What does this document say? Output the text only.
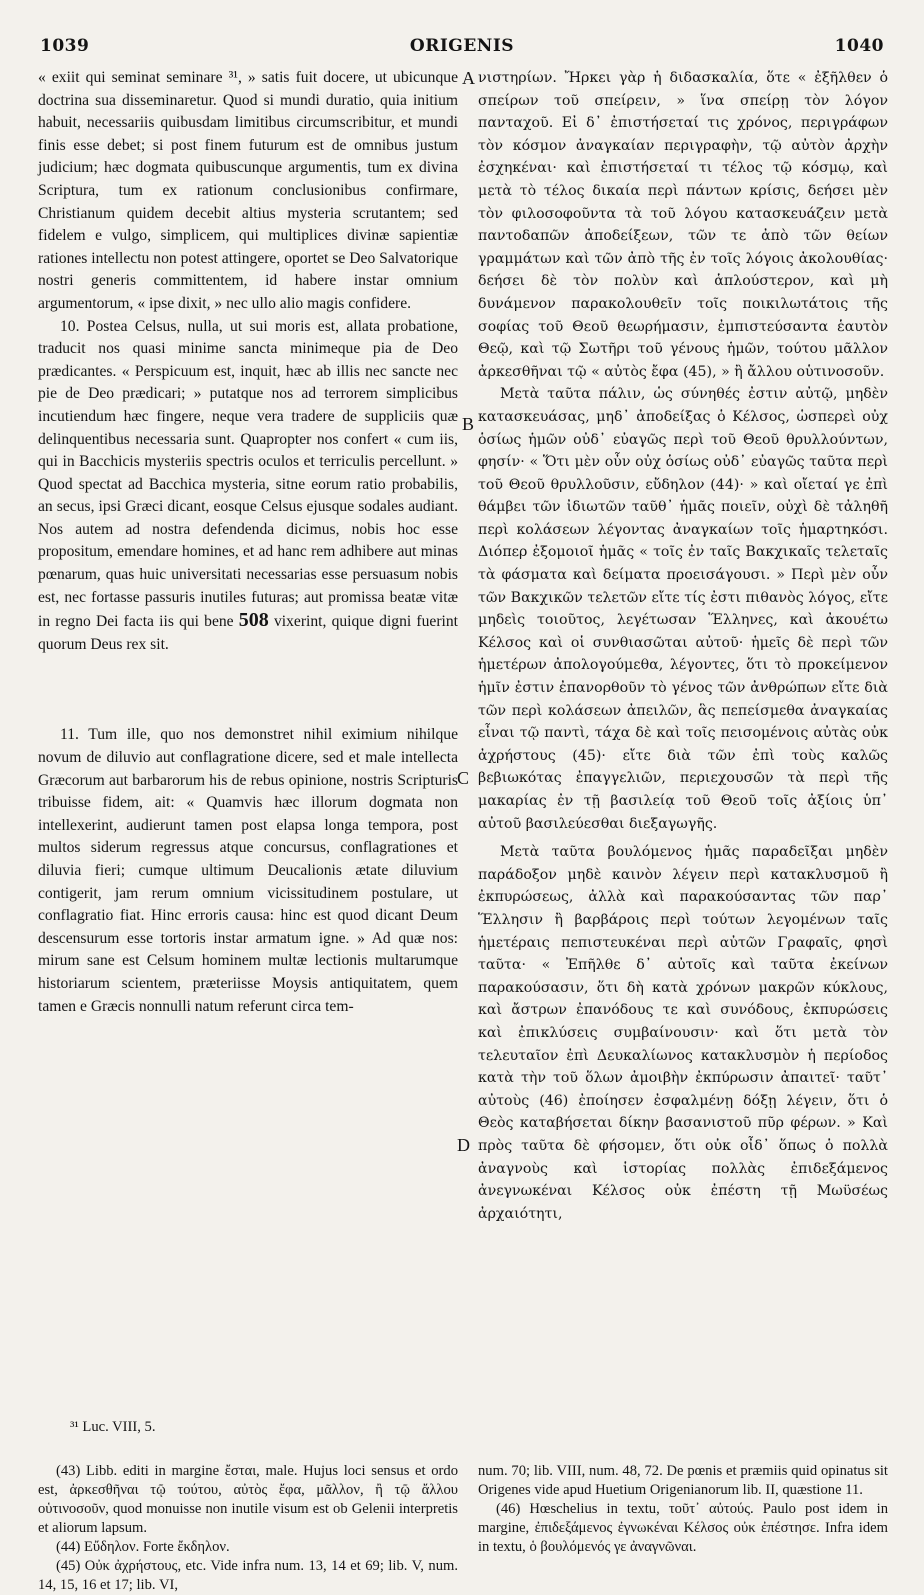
1039	ORIGENIS	1040

« exiit qui seminat seminare ³¹, » satis fuit docere, ut ubicunque doctrina sua disseminaretur. Quod si mundi duratio, quia initium habuit, necessariis quibusdam limitibus circumscribitur, et mundi finis esse debet; si post finem futurum est de omnibus justum judicium; hæc dogmata quibuscunque argumentis, tum ex divina Scriptura, tum ex rationum conclusionibus confirmare, Christianum quidem decebit altius mysteria scrutantem; sed fidelem e vulgo, simplicem, qui multiplices divinæ sapientiæ rationes intellectu non potest attingere, oportet se Deo Salvatorique nostri generis committentem, id habere instar omnium argumentorum, « ipse dixit, » nec ullo alio magis confidere.

10. Postea Celsus, nulla, ut sui moris est, allata probatione, traducit nos quasi minime sancta minimeque pia de Deo prædicantes. « Perspicuum est, inquit, hæc ab illis nec sancte nec pie de Deo prædicari; » putatque nos ad terrorem simplicibus incutiendum hæc fingere, neque vera tradere de suppliciis quæ delinquentibus necessaria sunt. Quapropter nos confert « cum iis, qui in Bacchicis mysteriis spectris oculos et terriculis percellunt. » Quod spectat ad Bacchica mysteria, sitne eorum ratio probabilis, an secus, ipsi Græci dicant, eosque Celsus ejusque sodales audiant. Nos autem ad nostra defendenda dicimus, nobis hoc esse propositum, emendare homines, et ad hanc rem adhibere aut minas pœnarum, quas huic universitati necessarias esse persuasum nobis est, nec fortasse passuris inutiles futuras; aut promissa beatæ vitæ in regno Dei facta iis qui bene 508 vixerint, quique digni fuerint quorum Deus rex sit.

11. Tum ille, quo nos demonstret nihil eximium nihilque novum de diluvio aut conflagratione dicere, sed et male intellecta Græcorum aut barbarorum his de rebus opinione, nostris Scripturis tribuisse fidem, ait: « Quamvis hæc illorum dogmata non intellexerint, audierunt tamen post elapsa longa tempora, post multos siderum regressus atque concursus, conflagrationes et diluvia fieri; cumque ultimum Deucalionis ætate diluvium contigerit, jam rerum omnium vicissitudinem postulare, ut conflagratio fiat. Hinc erroris causa: hinc est quod dicant Deum descensurum esse tortoris instar armatum igne. » Ad quæ nos: mirum sane est Celsum hominem multæ lectionis multarumque historiarum scientem, præteriisse Moysis antiquitatem, quem tamen e Græcis nonnulli natum referunt circa tem-

A
B
C
D

νιστηρίων. Ἤρκει γὰρ ἡ διδασκαλία, ὅτε « ἐξῆλθεν ὁ σπείρων τοῦ σπείρειν, » ἵνα σπείρῃ τὸν λόγον πανταχοῦ. Εἰ δ᾽ ἐπιστήσεταί τις χρόνος, περιγράφων τὸν κόσμον ἀναγκαίαν περιγραφὴν, τῷ αὐτὸν ἀρχὴν ἐσχηκέναι· καὶ ἐπιστήσεταί τι τέλος τῷ κόσμῳ, καὶ μετὰ τὸ τέλος δικαία περὶ πάντων κρίσις, δεήσει μὲν τὸν φιλοσοφοῦντα τὰ τοῦ λόγου κατασκευάζειν μετὰ παντοδαπῶν ἀποδείξεων, τῶν τε ἀπὸ τῶν θείων γραμμάτων καὶ τῶν ἀπὸ τῆς ἐν τοῖς λόγοις ἀκολουθίας· δεήσει δὲ τὸν πολὺν καὶ ἁπλούστερον, καὶ μὴ δυνάμενον παρακολουθεῖν τοῖς ποικιλωτάτοις τῆς σοφίας τοῦ Θεοῦ θεωρήμασιν, ἐμπιστεύσαντα ἑαυτὸν Θεῷ, καὶ τῷ Σωτῆρι τοῦ γένους ἡμῶν, τούτου μᾶλλον ἀρκεσθῆναι τῷ « αὐτὸς ἔφα (45), » ἢ ἄλλου οὑτινοσοῦν.

Μετὰ ταῦτα πάλιν, ὡς σύνηθές ἐστιν αὐτῷ, μηδὲν κατασκευάσας, μηδ᾽ ἀποδείξας ὁ Κέλσος, ὡσπερεὶ οὐχ ὁσίως ἡμῶν οὐδ᾽ εὐαγῶς περὶ τοῦ Θεοῦ θρυλλούντων, φησίν· « Ὅτι μὲν οὖν οὐχ ὁσίως οὐδ᾽ εὐαγῶς ταῦτα περὶ τοῦ Θεοῦ θρυλλοῦσιν, εὔδηλον (44)· » καὶ οἴεταί γε ἐπὶ θάμβει τῶν ἰδιωτῶν ταῦθ᾽ ἡμᾶς ποιεῖν, οὐχὶ δὲ τἀληθῆ περὶ κολάσεων λέγοντας ἀναγκαίων τοῖς ἡμαρτηκόσι. Διόπερ ἐξομοιοῖ ἡμᾶς « τοῖς ἐν ταῖς Βακχικαῖς τελεταῖς τὰ φάσματα καὶ δείματα προεισάγουσι. » Περὶ μὲν οὖν τῶν Βακχικῶν τελετῶν εἴτε τίς ἐστι πιθανὸς λόγος, εἴτε μηδεὶς τοιοῦτος, λεγέτωσαν Ἕλληνες, καὶ ἀκουέτω Κέλσος καὶ οἱ συνθιασῶται αὐτοῦ· ἡμεῖς δὲ περὶ τῶν ἡμετέρων ἀπολογούμεθα, λέγοντες, ὅτι τὸ προκείμενον ἡμῖν ἐστιν ἐπανορθοῦν τὸ γένος τῶν ἀνθρώπων εἴτε διὰ τῶν περὶ κολάσεων ἀπειλῶν, ἃς πεπείσμεθα ἀναγκαίας εἶναι τῷ παντὶ, τάχα δὲ καὶ τοῖς πεισομένοις αὐτὰς οὐκ ἀχρήστους (45)· εἴτε διὰ τῶν ἐπὶ τοὺς καλῶς βεβιωκότας ἐπαγγελιῶν, περιεχουσῶν τὰ περὶ τῆς μακαρίας ἐν τῇ βασιλείᾳ τοῦ Θεοῦ τοῖς ἀξίοις ὑπ᾽ αὐτοῦ βασιλεύεσθαι διεξαγωγῆς.

Μετὰ ταῦτα βουλόμενος ἡμᾶς παραδεῖξαι μηδὲν παράδοξον μηδὲ καινὸν λέγειν περὶ κατακλυσμοῦ ἢ ἐκπυρώσεως, ἀλλὰ καὶ παρακούσαντας τῶν παρ᾽ Ἕλλησιν ἢ βαρβάροις περὶ τούτων λεγομένων ταῖς ἡμετέραις πεπιστευκέναι περὶ αὐτῶν Γραφαῖς, φησὶ ταῦτα· « Ἐπῆλθε δ᾽ αὐτοῖς καὶ ταῦτα ἐκείνων παρακούσασιν, ὅτι δὴ κατὰ χρόνων μακρῶν κύκλους, καὶ ἄστρων ἐπανόδους τε καὶ συνόδους, ἐκπυρώσεις καὶ ἐπικλύσεις συμβαίνουσιν· καὶ ὅτι μετὰ τὸν τελευταῖον ἐπὶ Δευκαλίωνος κατακλυσμὸν ἡ περίοδος κατὰ τὴν τοῦ ὅλων ἀμοιβὴν ἐκπύρωσιν ἀπαιτεῖ· ταῦτ᾽ αὐτοὺς (46) ἐποίησεν ἐσφαλμένῃ δόξῃ λέγειν, ὅτι ὁ Θεὸς καταβήσεται δίκην βασανιστοῦ πῦρ φέρων. » Καὶ πρὸς ταῦτα δὲ φήσομεν, ὅτι οὐκ οἶδ᾽ ὅπως ὁ πολλὰ ἀναγνοὺς καὶ ἱστορίας πολλὰς ἐπιδεξάμενος ἀνεγνωκέναι Κέλσος οὐκ ἐπέστη τῇ Μωϋσέως ἀρχαιότητι,

³¹ Luc. VIII, 5.

(43) Libb. editi in margine ἔσται, male. Hujus loci sensus et ordo est, ἀρκεσθῆναι τῷ τούτου, αὐτὸς ἔφα, μᾶλλον, ἢ τῷ ἄλλου οὑτινοσοῦν, quod monuisse non inutile visum est ob Gelenii interpretis et aliorum lapsum.

(44) Εὔδηλον. Forte ἔκδηλον.

(45) Οὐκ ἀχρήστους, etc. Vide infra num. 13, 14 et 69; lib. V, num. 14, 15, 16 et 17; lib. VI,

num. 70; lib. VIII, num. 48, 72. De pœnis et præmiis quid opinatus sit Origenes vide apud Huetium Origenianorum lib. II, quæstione 11.

(46) Hœschelius in textu, τοῦτ᾽ αὐτούς. Paulo post idem in margine, ἐπιδεξάμενος ἐγνωκέναι Κέλσος οὐκ ἐπέστησε. Infra idem in textu, ὁ βουλόμενός γε ἀναγνῶναι.
